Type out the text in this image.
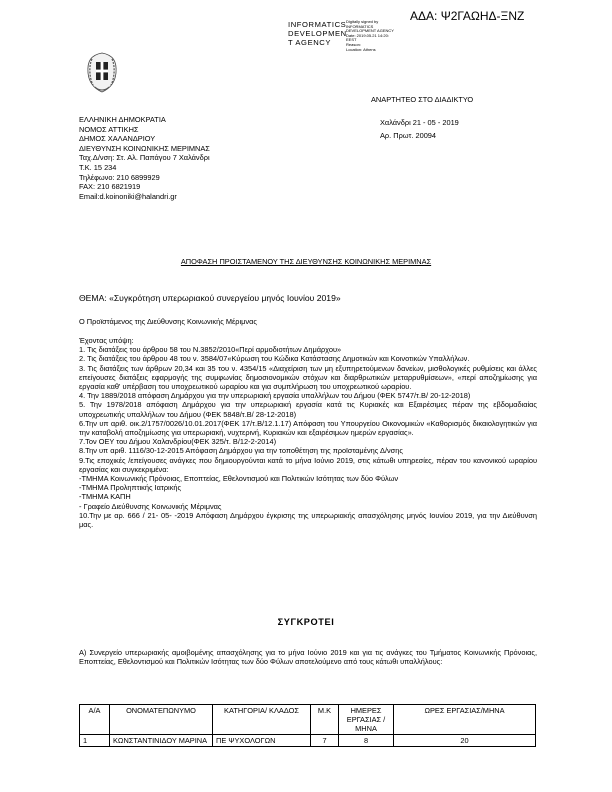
ΑΔΑ: Ψ2ΓΑΩΗΔ-ΞΝΖ
INFORMATICS
DEVELOPMEN
T AGENCY
Digitally signed by
INFORMATICS
DEVELOPMENT AGENCY
Date: 2019.05.21 14:20:
EEST
Reason:
Location: Athens
ΑΝΑΡΤΗΤΕΟ ΣΤΟ ΔΙΑΔΙΚΤΥΟ
ΕΛΛΗΝΙΚΗ ΔΗΜΟΚΡΑΤΙΑ
ΝΟΜΟΣ ΑΤΤΙΚΗΣ
ΔΗΜΟΣ ΧΑΛΑΝΔΡΙΟΥ
ΔΙΕΥΘΥΝΣΗ ΚΟΙΝΩΝΙΚΗΣ ΜΕΡΙΜΝΑΣ
Ταχ.Δ/νση: Στ. Αλ. Παπάγου 7 Χαλάνδρι
Τ.Κ. 15 234
Τηλέφωνο: 210 6899929
FAX: 210 6821919
Email:d.koinoniki@halandri.gr
Χαλάνδρι 21 - 05 - 2019
Αρ. Πρωτ. 20094
ΑΠΟΦΑΣΗ ΠΡΟΙΣΤΑΜΕΝΟΥ ΤΗΣ ΔΙΕΥΘΥΝΣΗΣ ΚΟΙΝΩΝΙΚΗΣ ΜΕΡΙΜΝΑΣ
ΘΕΜΑ: «Συγκρότηση υπερωριακού συνεργείου μηνός Ιουνίου 2019»
Ο Προϊστάμενος της Διεύθυνσης Κοινωνικής Μέριμνας
Έχοντας υπόψη:
1. Τις διατάξεις του άρθρου 58 του Ν.3852/2010«Περί αρμοδιοτήτων Δημάρχου»
2. Τις διατάξεις του άρθρου 48 του ν. 3584/07«Κύρωση του Κώδικα Κατάστασης Δημοτικών και Κοινοτικών Υπαλλήλων.
3. Τις διατάξεις των άρθρων 20,34 και 35 του ν. 4354/15 «Διαχείριση των μη εξυπηρετούμενων δανείων, μισθολογικές ρυθμίσεις και άλλες επείγουσες διατάξεις εφαρμογής της συμφωνίας δημοσιονομικών στόχων και διαρθρωτικών μεταρρυθμίσεων», «περί αποζημίωσης για εργασία καθ' υπέρβαση του υποχρεωτικού ωραρίου και για συμπλήρωση του υποχρεωτικού ωραρίου.
4. Την 1889/2018 απόφαση Δημάρχου για την υπερωριακή εργασία υπαλλήλων του Δήμου (ΦΕΚ 5747/τ.Β/ 20-12-2018)
5. Την 1978/2018 απόφαση Δημάρχου για την υπερωριακή εργασία κατά τις Κυριακές και Εξαιρέσιμες πέραν της εβδομαδιαίας υποχρεωτικής υπαλλήλων του Δήμου (ΦΕΚ 5848/τ.Β/ 28-12-2018)
6.Την υπ αριθ. οικ.2/1757/0026/10.01.2017(ΦΕΚ 17/τ.Β/12.1.17) Απόφαση του Υπουργείου Οικονομικών «Καθορισμός δικαιολογητικών για την καταβολή αποζημίωσης για υπερωριακή, νυχτερινή, Κυριακών και εξαιρέσιμων ημερών εργασίας».
7.Τον ΟΕΥ του Δήμου Χαλανδρίου(ΦΕΚ 325/τ. Β/12-2-2014)
8.Την υπ αριθ. 1116/30-12-2015 Απόφαση Δημάρχου για την τοποθέτηση της προϊσταμένης Δ/νσης
9.Τις εποχικές /επείγουσες ανάγκες που δημιουργούνται κατά το μήνα Ιούνιο 2019, στις κάτωθι υπηρεσίες, πέραν του κανονικού ωραρίου εργασίας και συγκεκριμένα:
-ΤΜΗΜΑ Κοινωνικής Πρόνοιας, Εποπτείας, Εθελοντισμού και Πολιτικών Ισότητας των δύο Φύλων
-ΤΜΗΜΑ Προληπτικής Ιατρικής
-ΤΜΗΜΑ ΚΑΠΗ
- Γραφείο Διεύθυνσης Κοινωνικής Μέριμνας
10.Την με αρ. 666 / 21- 05- -2019 Απόφαση Δημάρχου έγκρισης της υπερωριακής απασχόλησης μηνός Ιουνίου 2019, για την Διεύθυνση μας.
ΣΥΓΚΡΟΤΕΙ
Α) Συνεργείο υπερωριακής αμοιβομένης απασχόλησης για το μήνα Ιούνιο 2019 και για τις ανάγκες του Τμήματος Κοινωνικής Πρόνοιας, Εποπτείας, Εθελοντισμού και Πολιτικών Ισότητας των δύο Φύλων αποτελούμενο από τους κάτωθι υπαλλήλους:
Α/Α	ΟΝΟΜΑΤΕΠΩΝΥΜΟ	ΚΑΤΗΓΟΡΙΑ/ ΚΛΑΔΟΣ	Μ.Κ	ΗΜΕΡΕΣ ΕΡΓΑΣΙΑΣ /ΜΗΝΑ	ΩΡΕΣ ΕΡΓΑΣΙΑΣ/ΜΗΝΑ
1	ΚΩΝΣΤΑΝΤΙΝΙΔΟΥ ΜΑΡΙΝΑ	ΠΕ ΨΥΧΟΛΟΓΩΝ	7	8	20
